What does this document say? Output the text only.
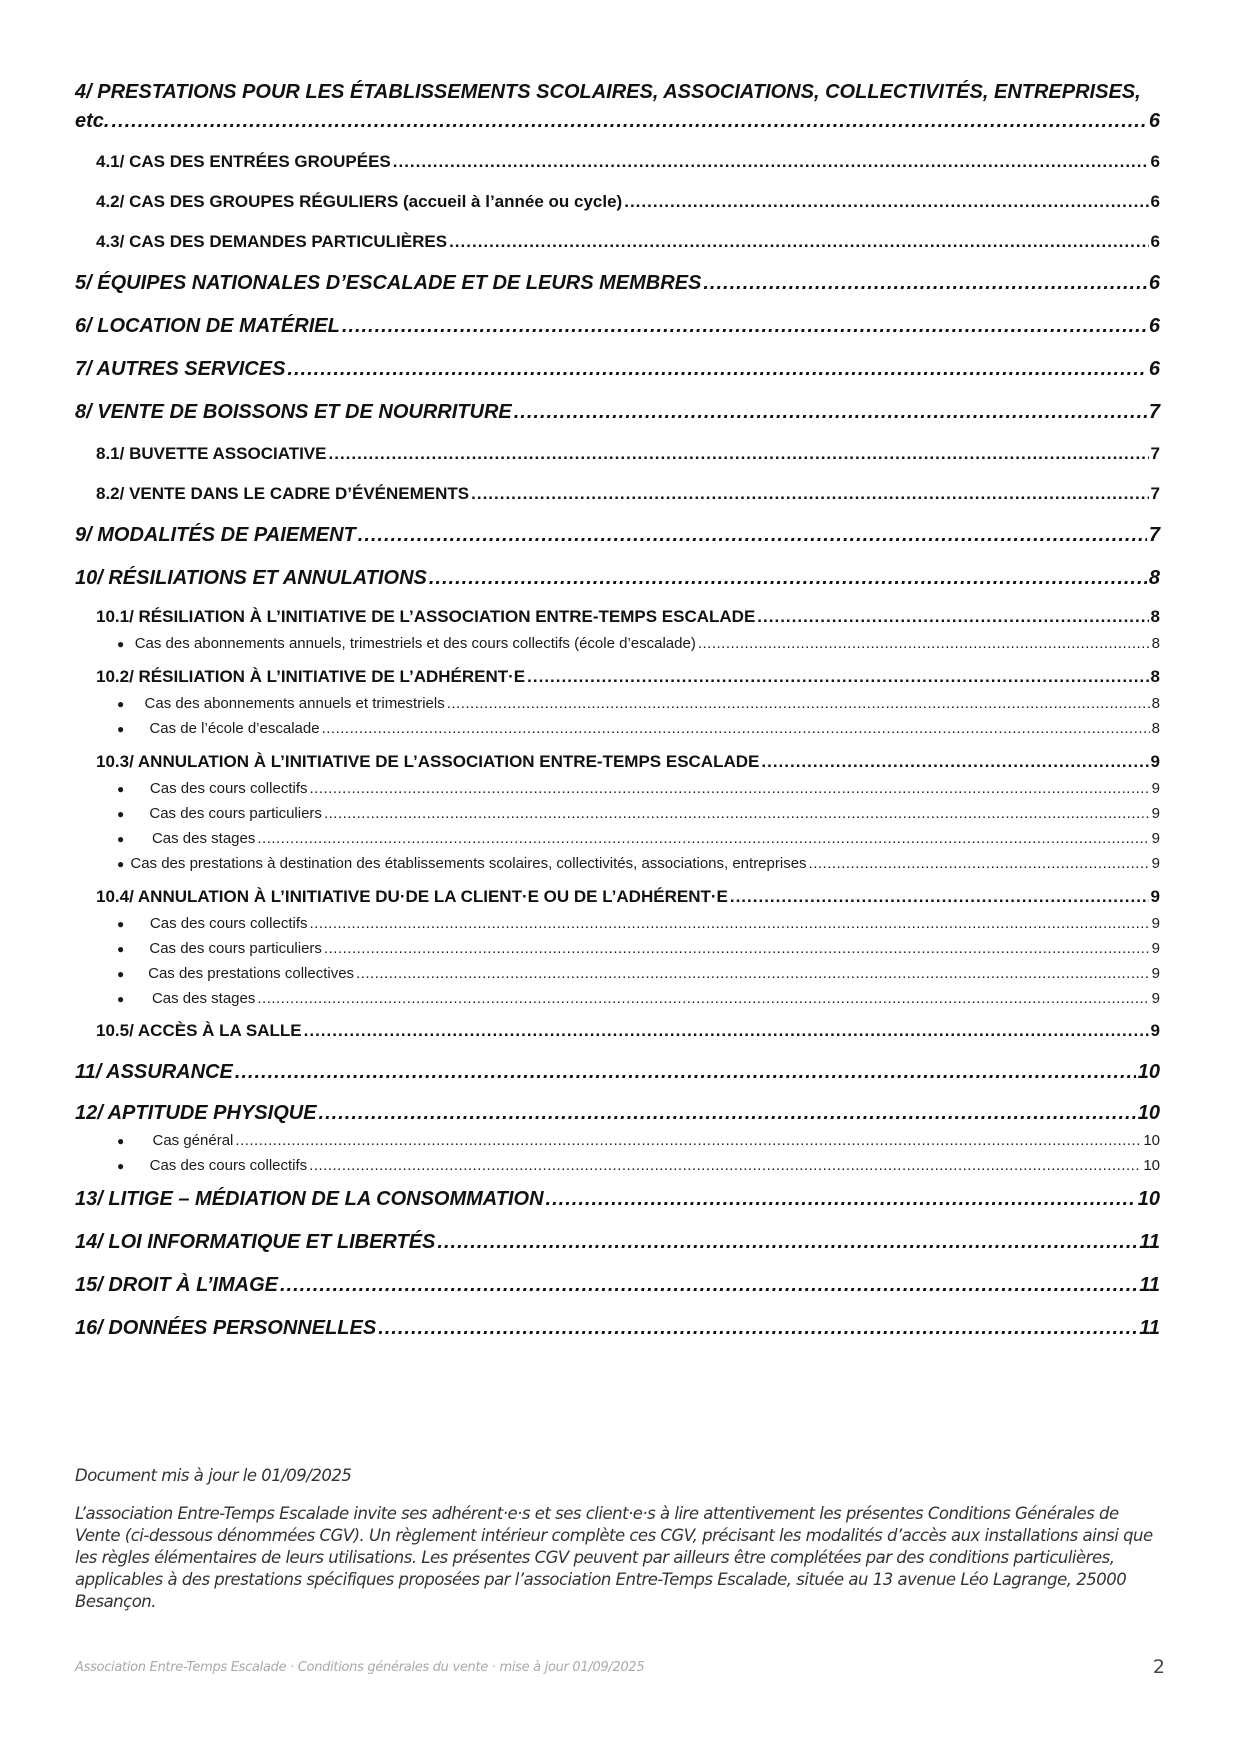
4/ PRESTATIONS POUR LES ÉTABLISSEMENTS SCOLAIRES, ASSOCIATIONS, COLLECTIVITÉS, ENTREPRISES,
etc. .....	6
4.1/ CAS DES ENTRÉES GROUPÉES .....	6
4.2/ CAS DES GROUPES RÉGULIERS (accueil à l’année ou cycle) .....	6
4.3/ CAS DES DEMANDES PARTICULIÈRES .....	6
5/ ÉQUIPES NATIONALES D’ESCALADE ET DE LEURS MEMBRES .....	6
6/ LOCATION DE MATÉRIEL .....	6
7/ AUTRES SERVICES .....	6
8/ VENTE DE BOISSONS ET DE NOURRITURE .....	7
8.1/ BUVETTE ASSOCIATIVE .....	7
8.2/ VENTE DANS LE CADRE D’ÉVÉNEMENTS .....	7
9/ MODALITÉS DE PAIEMENT .....	7
10/ RÉSILIATIONS ET ANNULATIONS .....	8
10.1/ RÉSILIATION À L’INITIATIVE DE L’ASSOCIATION ENTRE-TEMPS ESCALADE .....	8
● Cas des abonnements annuels, trimestriels et des cours collectifs (école d’escalade) .....	8
10.2/ RÉSILIATION À L’INITIATIVE DE L’ADHÉRENT·E .....	8
●	Cas des abonnements annuels et trimestriels .....	8
●	Cas de l’école d’escalade .....	8
10.3/ ANNULATION À L’INITIATIVE DE L’ASSOCIATION ENTRE-TEMPS ESCALADE .....	9
●	Cas des cours collectifs .....	9
●	Cas des cours particuliers .....	9
●	Cas des stages .....	9
● Cas des prestations à destination des établissements scolaires, collectivités, associations, entreprises .....	9
10.4/ ANNULATION À L’INITIATIVE DU·DE LA CLIENT·E OU DE L’ADHÉRENT·E .....	9
●	Cas des cours collectifs .....	9
●	Cas des cours particuliers .....	9
●	Cas des prestations collectives .....	9
●	Cas des stages .....	9
10.5/ ACCÈS À LA SALLE .....	9
11/ ASSURANCE .....	10
12/ APTITUDE PHYSIQUE .....	10
●	Cas général .....	10
●	Cas des cours collectifs .....	10
13/ LITIGE – MÉDIATION DE LA CONSOMMATION .....	10
14/ LOI INFORMATIQUE ET LIBERTÉS .....	11
15/ DROIT À L’IMAGE .....	11
16/ DONNÉES PERSONNELLES .....	11

Document mis à jour le 01/09/2025

L’association Entre-Temps Escalade invite ses adhérent·e·s et ses client·e·s à lire attentivement les présentes Conditions Générales de Vente (ci-dessous dénommées CGV). Un règlement intérieur complète ces CGV, précisant les modalités d’accès aux installations ainsi que les règles élémentaires de leurs utilisations. Les présentes CGV peuvent par ailleurs être complétées par des conditions particulières, applicables à des prestations spécifiques proposées par l’association Entre-Temps Escalade, située au 13 avenue Léo Lagrange, 25000 Besançon.

Association Entre-Temps Escalade · Conditions générales du vente · mise à jour 01/09/2025	2
